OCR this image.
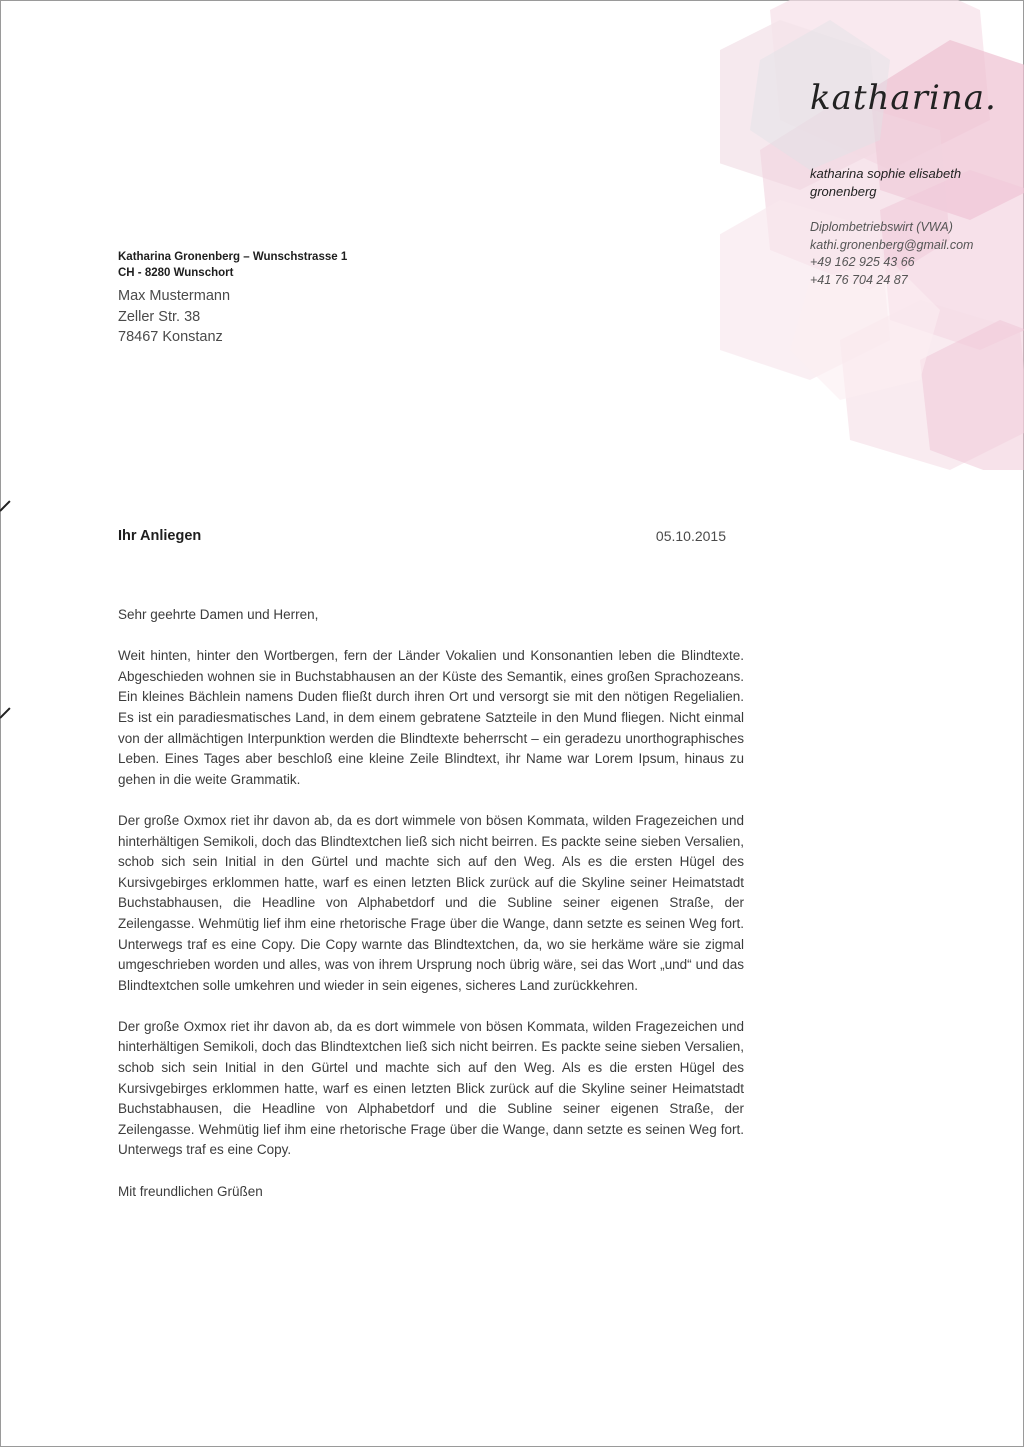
katharina.
katharina sophie elisabeth gronenberg
Diplombetriebswirt (VWA)
kathi.gronenberg@gmail.com
+49 162 925 43 66
+41 76 704 24 87
Katharina Gronenberg – Wunschstrasse 1
CH - 8280 Wunschort
Max Mustermann
Zeller Str. 38
78467 Konstanz
Ihr Anliegen	05.10.2015

Sehr geehrte Damen und Herren,

Weit hinten, hinter den Wortbergen, fern der Länder Vokalien und Konsonantien leben die Blindtexte. Abgeschieden wohnen sie in Buchstabhausen an der Küste des Semantik, eines großen Sprachozeans. Ein kleines Bächlein namens Duden fließt durch ihren Ort und versorgt sie mit den nötigen Regelialien. Es ist ein paradiesmatisches Land, in dem einem gebratene Satzteile in den Mund fliegen. Nicht einmal von der allmächtigen Interpunktion werden die Blindtexte beherrscht – ein geradezu unorthographisches Leben. Eines Tages aber beschloß eine kleine Zeile Blindtext, ihr Name war Lorem Ipsum, hinaus zu gehen in die weite Grammatik.

Der große Oxmox riet ihr davon ab, da es dort wimmele von bösen Kommata, wilden Fragezeichen und hinterhältigen Semikoli, doch das Blindtextchen ließ sich nicht beirren. Es packte seine sieben Versalien, schob sich sein Initial in den Gürtel und machte sich auf den Weg. Als es die ersten Hügel des Kursivgebirges erklommen hatte, warf es einen letzten Blick zurück auf die Skyline seiner Heimatstadt Buchstabhausen, die Headline von Alphabetdorf und die Subline seiner eigenen Straße, der Zeilengasse. Wehmütig lief ihm eine rhetorische Frage über die Wange, dann setzte es seinen Weg fort. Unterwegs traf es eine Copy. Die Copy warnte das Blindtextchen, da, wo sie herkäme wäre sie zigmal umgeschrieben worden und alles, was von ihrem Ursprung noch übrig wäre, sei das Wort „und“ und das Blindtextchen solle umkehren und wieder in sein eigenes, sicheres Land zurückkehren.

Der große Oxmox riet ihr davon ab, da es dort wimmele von bösen Kommata, wilden Fragezeichen und hinterhältigen Semikoli, doch das Blindtextchen ließ sich nicht beirren. Es packte seine sieben Versalien, schob sich sein Initial in den Gürtel und machte sich auf den Weg. Als es die ersten Hügel des Kursivgebirges erklommen hatte, warf es einen letzten Blick zurück auf die Skyline seiner Heimatstadt Buchstabhausen, die Headline von Alphabetdorf und die Subline seiner eigenen Straße, der Zeilengasse. Wehmütig lief ihm eine rhetorische Frage über die Wange, dann setzte es seinen Weg fort. Unterwegs traf es eine Copy.

Mit freundlichen Grüßen
